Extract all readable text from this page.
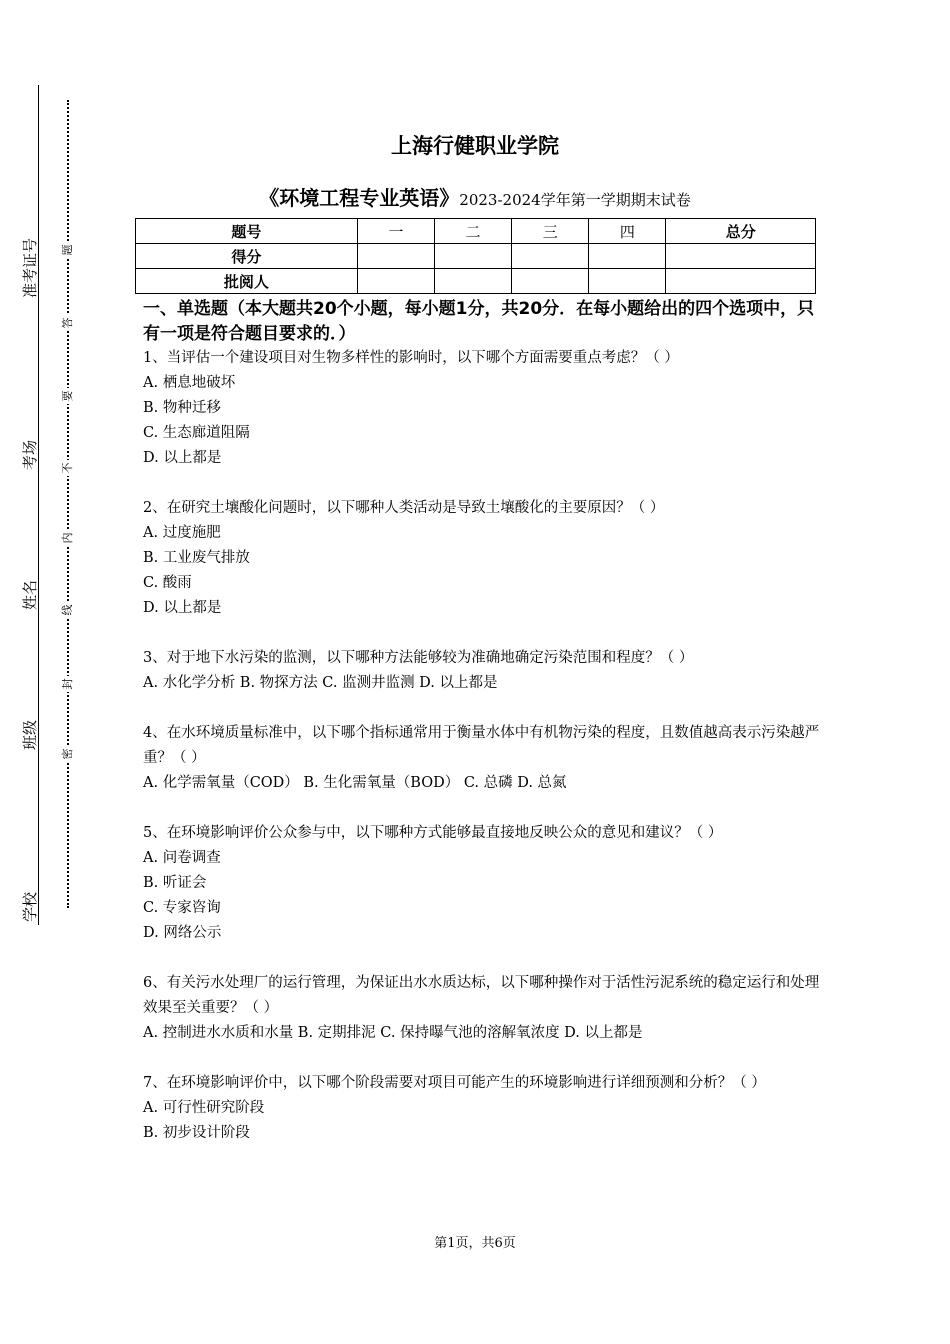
准考证号
考场
姓名
班级
学校
题
答
要
不
内
线
封
密
上海行健职业学院
《环境工程专业英语》2023-2024学年第一学期期末试卷
题号	一	二	三	四	总分
得分					
批阅人					
一、单选题（本大题共20个小题，每小题1分，共20分．在每小题给出的四个选项中，只有一项是符合题目要求的．）

1、当评估一个建设项目对生物多样性的影响时，以下哪个方面需要重点考虑？（ ）

A. 栖息地破坏

B. 物种迁移

C. 生态廊道阻隔

D. 以上都是

2、在研究土壤酸化问题时，以下哪种人类活动是导致土壤酸化的主要原因？（ ）

A. 过度施肥

B. 工业废气排放

C. 酸雨

D. 以上都是

3、对于地下水污染的监测，以下哪种方法能够较为准确地确定污染范围和程度？（ ）

A. 水化学分析 B. 物探方法 C. 监测井监测 D. 以上都是

4、在水环境质量标准中，以下哪个指标通常用于衡量水体中有机物污染的程度，且数值越高表示污染越严重？（ ）

A. 化学需氧量（COD） B. 生化需氧量（BOD） C. 总磷 D. 总氮

5、在环境影响评价公众参与中，以下哪种方式能够最直接地反映公众的意见和建议？（ ）

A. 问卷调查

B. 听证会

C. 专家咨询

D. 网络公示

6、有关污水处理厂的运行管理，为保证出水水质达标，以下哪种操作对于活性污泥系统的稳定运行和处理效果至关重要？（ ）

A. 控制进水水质和水量 B. 定期排泥 C. 保持曝气池的溶解氧浓度 D. 以上都是

7、在环境影响评价中，以下哪个阶段需要对项目可能产生的环境影响进行详细预测和分析？（ ）

A. 可行性研究阶段

B. 初步设计阶段

第1页，共6页
